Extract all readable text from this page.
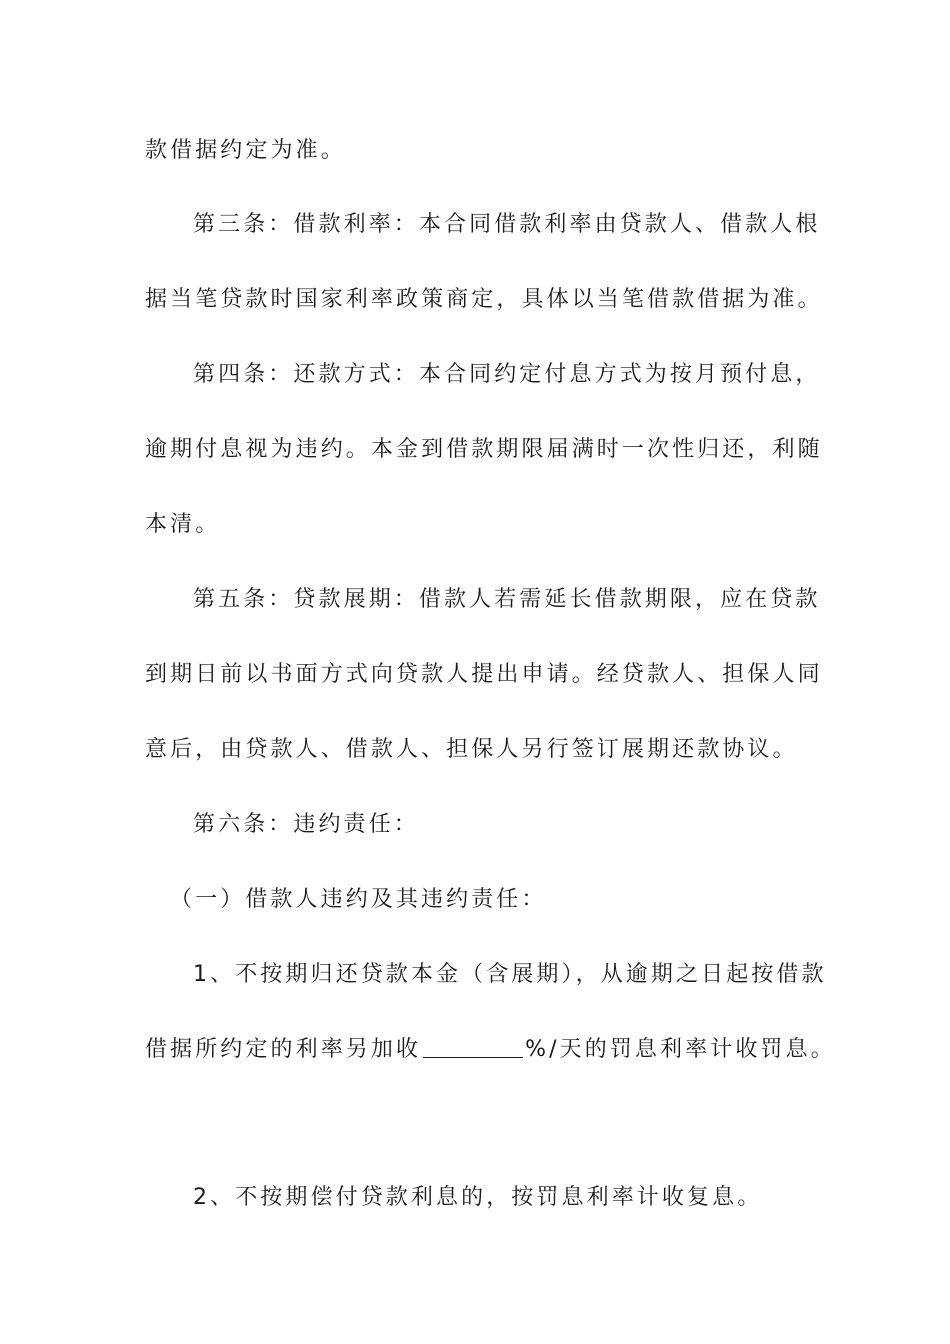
款借据约定为准。
第三条：借款利率：本合同借款利率由贷款人、借款人根
据当笔贷款时国家利率政策商定，具体以当笔借款借据为准。
第四条：还款方式：本合同约定付息方式为按月预付息，
逾期付息视为违约。本金到借款期限届满时一次性归还，利随
本清。
第五条：贷款展期：借款人若需延长借款期限，应在贷款
到期日前以书面方式向贷款人提出申请。经贷款人、担保人同
意后，由贷款人、借款人、担保人另行签订展期还款协议。
第六条：违约责任：
（一）借款人违约及其违约责任：
1、不按期归还贷款本金（含展期），从逾期之日起按借款
借据所约定的利率另加收	%/天的罚息利率计收罚息。
2、不按期偿付贷款利息的，按罚息利率计收复息。
